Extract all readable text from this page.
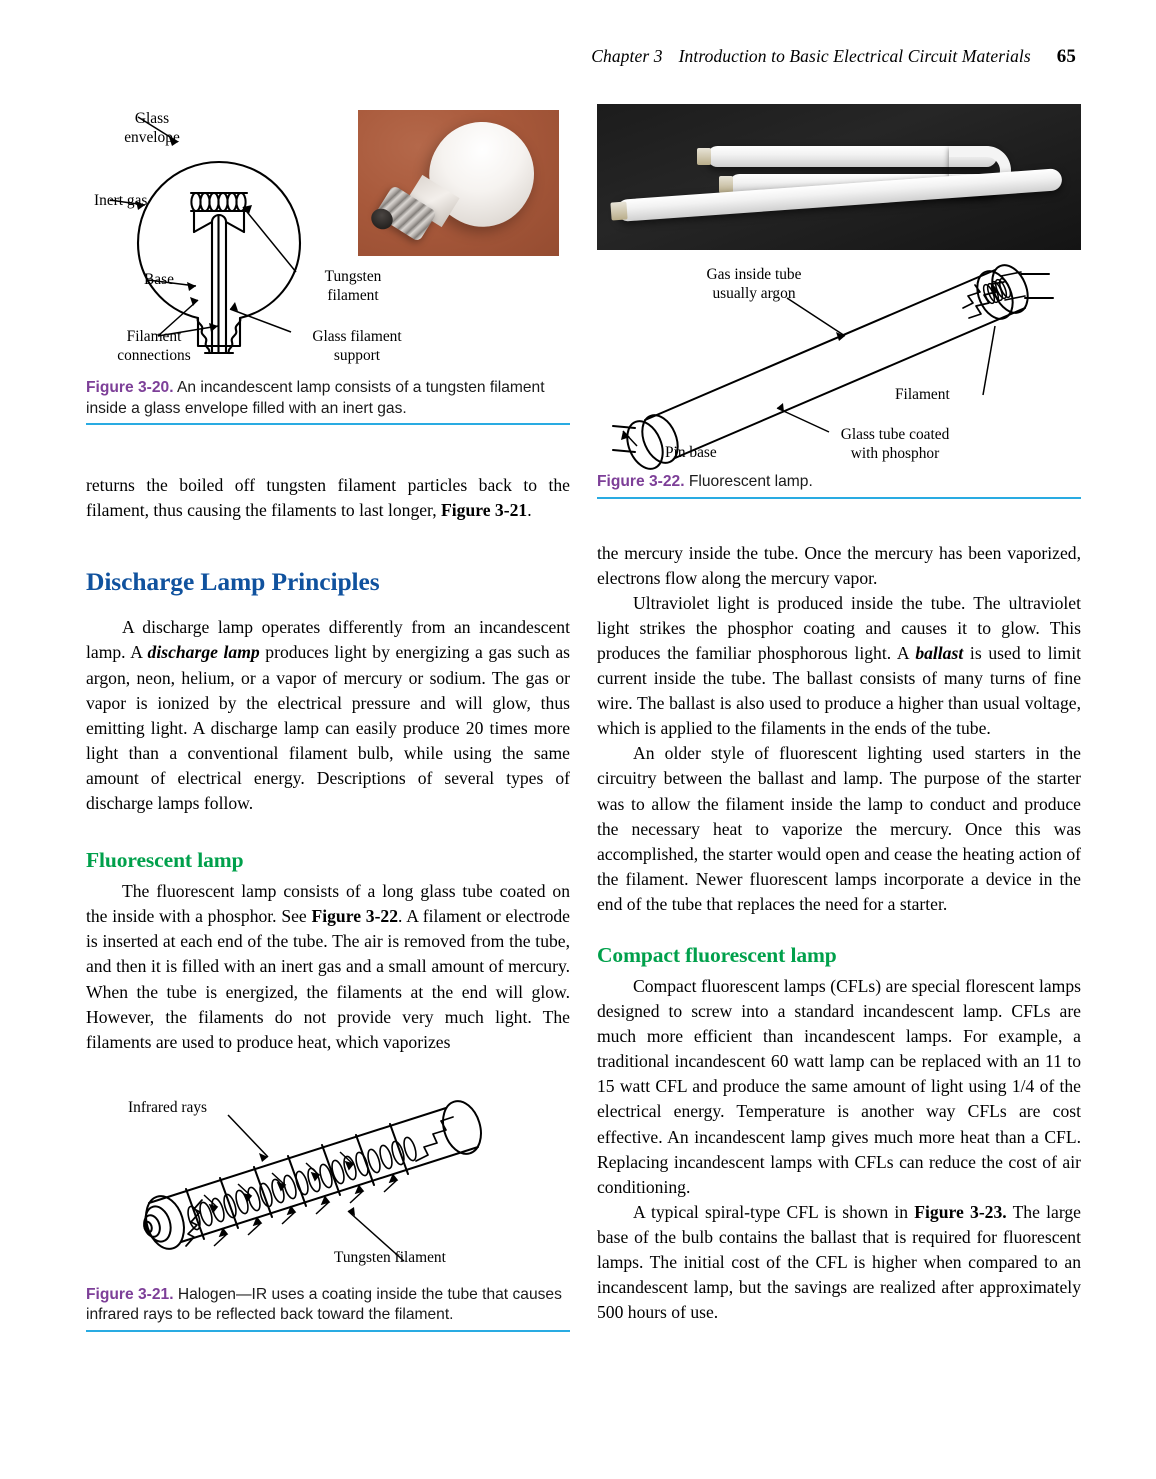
Chapter 3 Introduction to Basic Electrical Circuit Materials 65
Glass
envelope
Inert gas
Base	Tungsten
filament
Filament
connections
Glass filament
support
Figure 3-20. An incandescent lamp consists of a tungsten filament inside a glass envelope filled with an inert gas.

returns the boiled off tungsten filament particles back to the filament, thus causing the filaments to last longer, Figure 3-21.

Discharge Lamp Principles

A discharge lamp operates differently from an incandescent lamp. A discharge lamp produces light by energizing a gas such as argon, neon, helium, or a vapor of mercury or sodium. The gas or vapor is ionized by the electrical pressure and will glow, thus emitting light. A discharge lamp can easily produce 20 times more light than a conventional filament bulb, while using the same amount of electrical energy. Descriptions of several types of discharge lamps follow.

Fluorescent lamp

The fluorescent lamp consists of a long glass tube coated on the inside with a phosphor. See Figure 3-22. A filament or electrode is inserted at each end of the tube. The air is removed from the tube, and then it is filled with an inert gas and a small amount of mercury. When the tube is energized, the filaments at the end will glow. However, the filaments do not provide very much light. The filaments are used to produce heat, which vaporizes

Infrared rays
Tungsten filament
Figure 3-21. Halogen—IR uses a coating inside the tube that causes infrared rays to be reflected back toward the filament.
Gas inside tube
usually argon
Filament
Pin base
Glass tube coated
with phosphor
Figure 3-22. Fluorescent lamp.

the mercury inside the tube. Once the mercury has been vaporized, electrons flow along the mercury vapor.

Ultraviolet light is produced inside the tube. The ultraviolet light strikes the phosphor coating and causes it to glow. This produces the familiar phosphorous light. A ballast is used to limit current inside the tube. The ballast consists of many turns of fine wire. The ballast is also used to produce a higher than usual voltage, which is applied to the filaments in the ends of the tube.

An older style of fluorescent lighting used starters in the circuitry between the ballast and lamp. The purpose of the starter was to allow the filament inside the lamp to conduct and produce the necessary heat to vaporize the mercury. Once this was accomplished, the starter would open and cease the heating action of the filament. Newer fluorescent lamps incorporate a device in the end of the tube that replaces the need for a starter.

Compact fluorescent lamp

Compact fluorescent lamps (CFLs) are special florescent lamps designed to screw into a standard incandescent lamp. CFLs are much more efficient than incandescent lamps. For example, a traditional incandescent 60 watt lamp can be replaced with an 11 to 15 watt CFL and produce the same amount of light using 1/4 of the electrical energy. Temperature is another way CFLs are cost effective. An incandescent lamp gives much more heat than a CFL. Replacing incandescent lamps with CFLs can reduce the cost of air conditioning.

A typical spiral-type CFL is shown in Figure 3-23. The large base of the bulb contains the ballast that is required for fluorescent lamps. The initial cost of the CFL is higher when compared to an incandescent lamp, but the savings are realized after approximately 500 hours of use.
